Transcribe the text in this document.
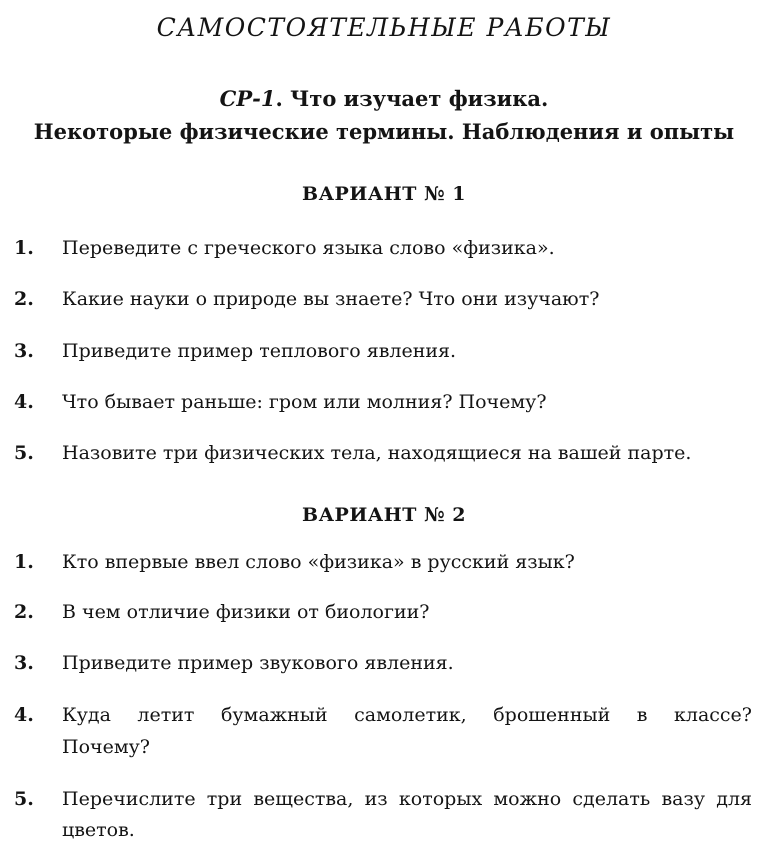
САМОСТОЯТЕЛЬНЫЕ РАБОТЫ
СР-1. Что изучает физика.
Некоторые физические термины. Наблюдения и опыты
ВАРИАНТ № 1
1.	Переведите с греческого языка слово «физика».
2.	Какие науки о природе вы знаете? Что они изучают?
3.	Приведите пример теплового явления.
4.	Что бывает раньше: гром или молния? Почему?
5.	Назовите три физических тела, находящиеся на вашей парте.
ВАРИАНТ № 2
1.	Кто впервые ввел слово «физика» в русский язык?
2.	В чем отличие физики от биологии?
3.	Приведите пример звукового явления.
4.	Куда летит бумажный самолетик, брошенный в классе?
Почему?
5.	Перечислите три вещества, из которых можно сделать вазу для
цветов.
